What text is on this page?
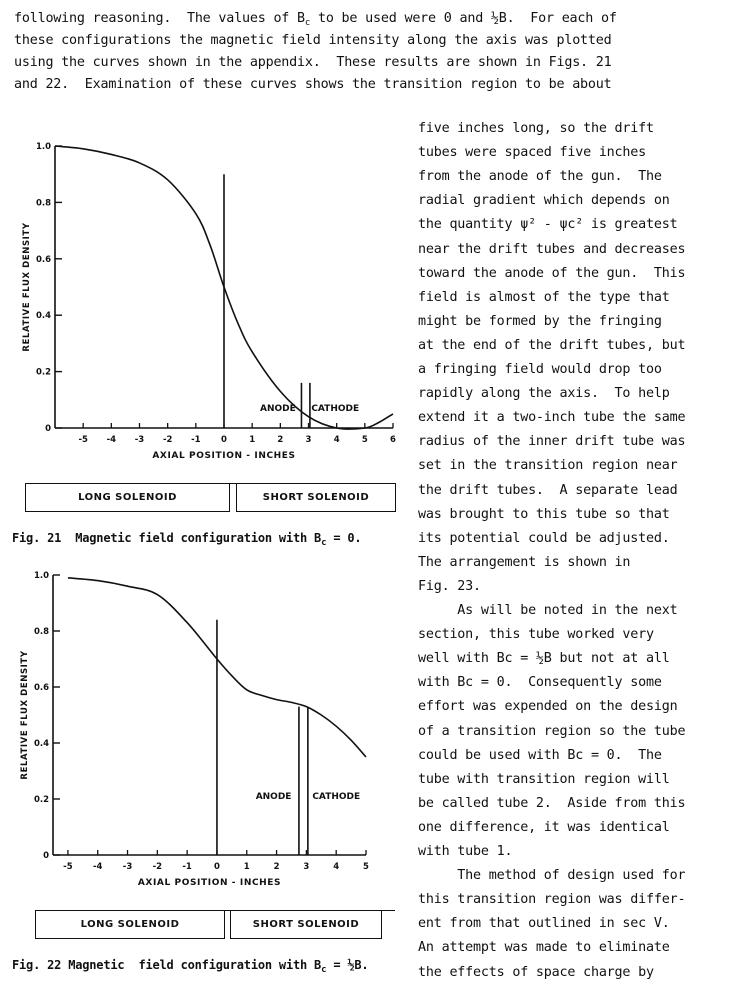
following reasoning.  The values of $B_c$ to be used were 0 and ½B.  For each of
these configurations the magnetic field intensity along the axis was plotted
using the curves shown in the appendix.  These results are shown in Figs. 21
and 22.  Examination of these curves shows the transition region to be about
five inches long, so the drift
tubes were spaced five inches
from the anode of the gun.  The
radial gradient which depends on
the quantity ψ² - ψc² is greatest
near the drift tubes and decreases
toward the anode of the gun.  This
field is almost of the type that
might be formed by the fringing
at the end of the drift tubes, but
a fringing field would drop too
rapidly along the axis.  To help
extend it a two-inch tube the same
radius of the inner drift tube was
set in the transition region near
the drift tubes.  A separate lead
was brought to this tube so that
its potential could be adjusted.
The arrangement is shown in
Fig. 23.
As will be noted in the next
section, this tube worked very
well with Bc = ½B but not at all
with Bc = 0.  Consequently some
effort was expended on the design
of a transition region so the tube
could be used with Bc = 0.  The
tube with transition region will
be called tube 2.  Aside from this
one difference, it was identical
with tube 1.
The method of design used for
this transition region was differ-
ent from that outlined in sec V.
An attempt was made to eliminate
the effects of space charge by
0
0.2
0.4
0.6
0.8
1.0
-5 -4 -3 -2 -1 0	1	2	3	4	5	6
AXIAL POSITION - INCHES
RELATIVE FLUX DENSITY
ANODE CATHODE
LONG SOLENOID	SHORT SOLENOID
Fig. 21  Magnetic field configuration with $B_c = 0$.
0
0.2
0.4
0.6
0.8
1.0
-5 -4 -3 -2 -1	0	1	2	3	4	5
AXIAL POSITION - INCHES
RELATIVE FLUX DENSITY
ANODE CATHODE
LONG SOLENOID	SHORT SOLENOID
Fig. 22 Magnetic  field configuration with $B_c$ = ½B.
